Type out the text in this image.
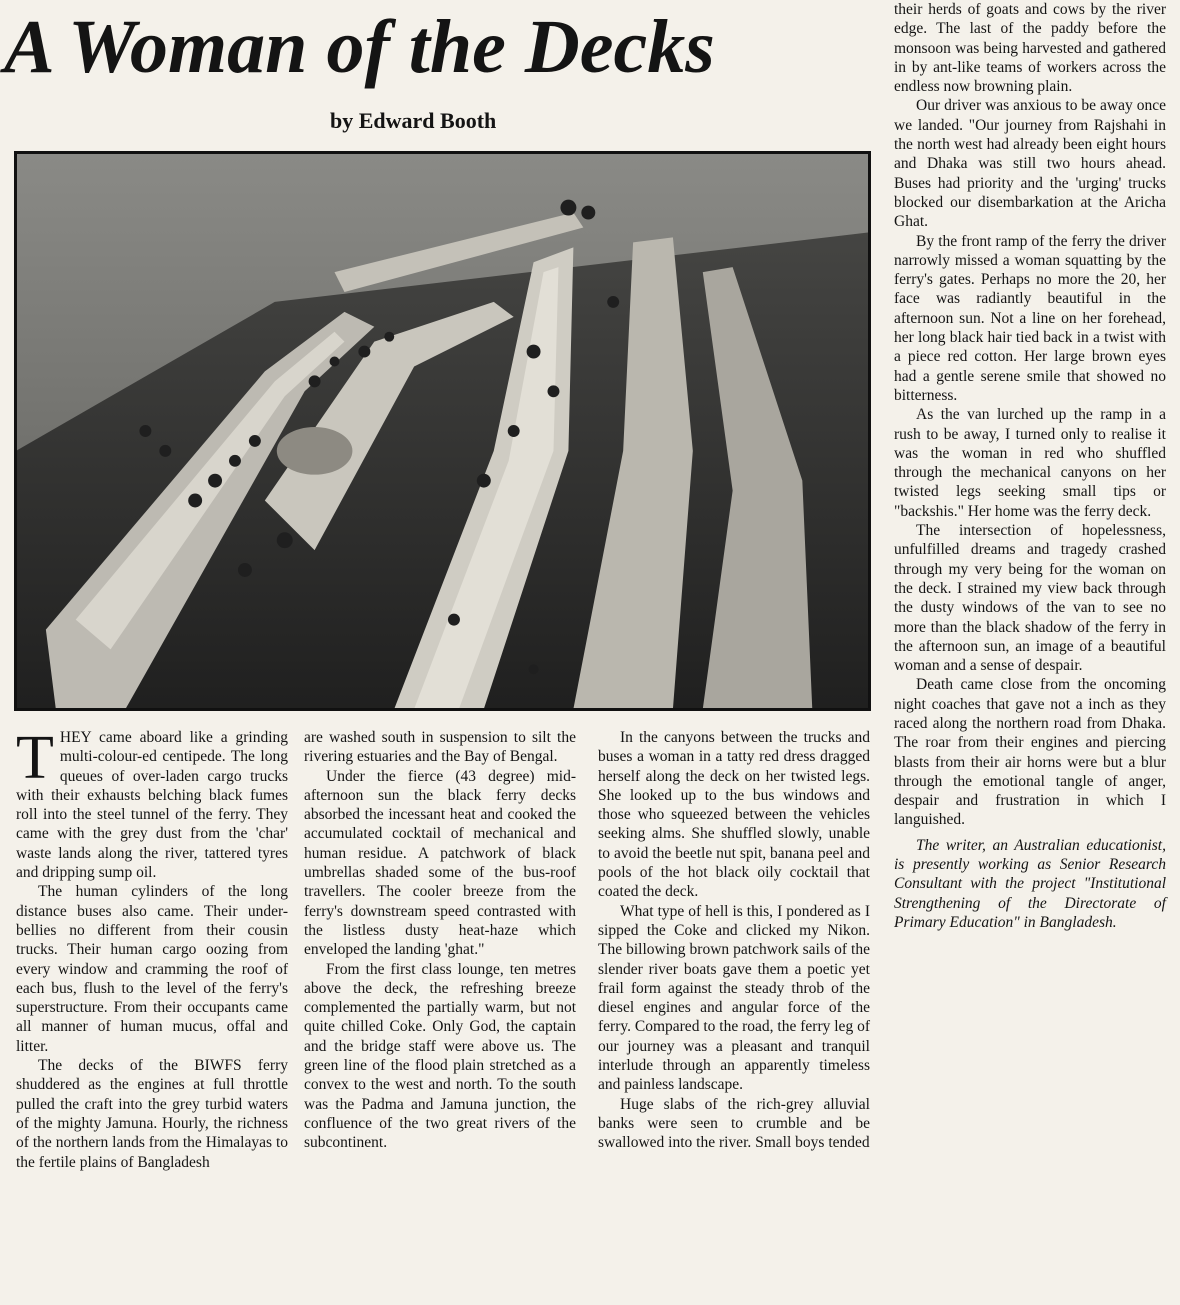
A Woman of the Decks
by Edward Booth

THEY came aboard like a grinding multi-colour-ed centipede. The long queues of over-laden cargo trucks with their exhausts belching black fumes roll into the steel tunnel of the ferry. They came with the grey dust from the 'char' waste lands along the river, tattered tyres and dripping sump oil.

The human cylinders of the long distance buses also came. Their under-bellies no different from their cousin trucks. Their human cargo oozing from every window and cramming the roof of each bus, flush to the level of the ferry's superstructure. From their occupants came all manner of human mucus, offal and litter.

The decks of the BIWFS ferry shuddered as the engines at full throttle pulled the craft into the grey turbid waters of the mighty Jamuna. Hourly, the richness of the northern lands from the Himalayas to the fertile plains of Bangladesh

are washed south in suspension to silt the rivering estuaries and the Bay of Bengal.

Under the fierce (43 degree) mid-afternoon sun the black ferry decks absorbed the incessant heat and cooked the accumulated cocktail of mechanical and human residue. A patchwork of black umbrellas shaded some of the bus-roof travellers. The cooler breeze from the ferry's downstream speed contrasted with the listless dusty heat-haze which enveloped the landing 'ghat."

From the first class lounge, ten metres above the deck, the refreshing breeze complemented the partially warm, but not quite chilled Coke. Only God, the captain and the bridge staff were above us. The green line of the flood plain stretched as a convex to the west and north. To the south was the Padma and Jamuna junction, the confluence of the two great rivers of the subcontinent.

In the canyons between the trucks and buses a woman in a tatty red dress dragged herself along the deck on her twisted legs. She looked up to the bus windows and those who squeezed between the vehicles seeking alms. She shuffled slowly, unable to avoid the beetle nut spit, banana peel and pools of the hot black oily cocktail that coated the deck.

What type of hell is this, I pondered as I sipped the Coke and clicked my Nikon. The billowing brown patchwork sails of the slender river boats gave them a poetic yet frail form against the steady throb of the diesel engines and angular force of the ferry. Compared to the road, the ferry leg of our journey was a pleasant and tranquil interlude through an apparently timeless and painless landscape.

Huge slabs of the rich-grey alluvial banks were seen to crumble and be swallowed into the river. Small boys tended

their herds of goats and cows by the river edge. The last of the paddy before the monsoon was being harvested and gathered in by ant-like teams of workers across the endless now browning plain.

Our driver was anxious to be away once we landed. "Our journey from Rajshahi in the north west had already been eight hours and Dhaka was still two hours ahead. Buses had priority and the 'urging' trucks blocked our disembarkation at the Aricha Ghat.

By the front ramp of the ferry the driver narrowly missed a woman squatting by the ferry's gates. Perhaps no more the 20, her face was radiantly beautiful in the afternoon sun. Not a line on her forehead, her long black hair tied back in a twist with a piece red cotton. Her large brown eyes had a gentle serene smile that showed no bitterness.

As the van lurched up the ramp in a rush to be away, I turned only to realise it was the woman in red who shuffled through the mechanical canyons on her twisted legs seeking small tips or "backshis." Her home was the ferry deck.

The intersection of hopelessness, unfulfilled dreams and tragedy crashed through my very being for the woman on the deck. I strained my view back through the dusty windows of the van to see no more than the black shadow of the ferry in the afternoon sun, an image of a beautiful woman and a sense of despair.

Death came close from the oncoming night coaches that gave not a inch as they raced along the northern road from Dhaka. The roar from their engines and piercing blasts from their air horns were but a blur through the emotional tangle of anger, despair and frustration in which I languished.

The writer, an Australian educationist, is presently working as Senior Research Consultant with the project "Institutional Strengthening of the Directorate of Primary Education" in Bangladesh.
